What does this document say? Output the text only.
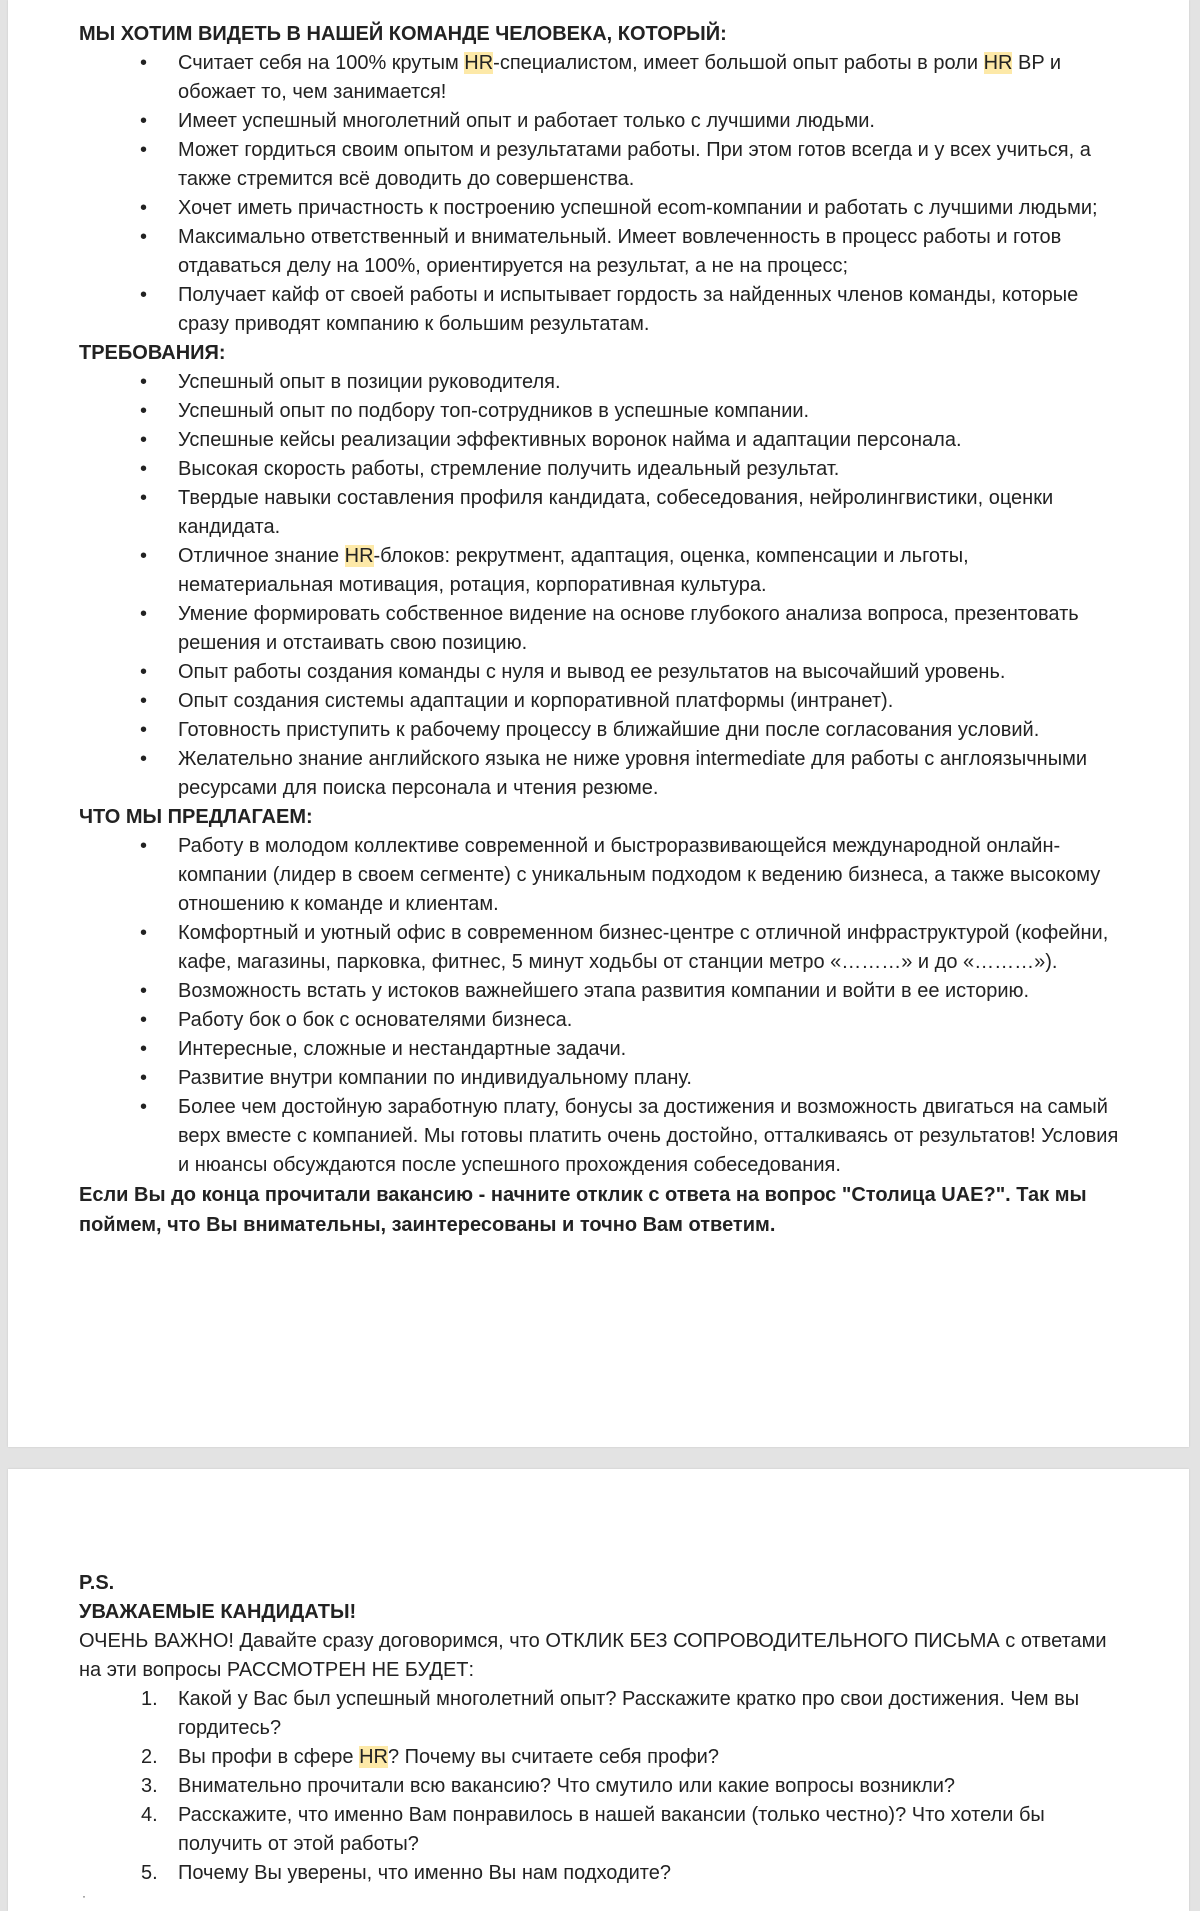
МЫ ХОТИМ ВИДЕТЬ В НАШЕЙ КОМАНДЕ ЧЕЛОВЕКА, КОТОРЫЙ:
• Считает себя на 100% крутым HR-специалистом, имеет большой опыт работы в роли HR BP и обожает то, чем занимается!
• Имеет успешный многолетний опыт и работает только с лучшими людьми.
• Может гордиться своим опытом и результатами работы. При этом готов всегда и у всех учиться, а также стремится всё доводить до совершенства.
• Хочет иметь причастность к построению успешной ecom-компании и работать с лучшими людьми;
• Максимально ответственный и внимательный. Имеет вовлеченность в процесс работы и готов отдаваться делу на 100%, ориентируется на результат, а не на процесс;
• Получает кайф от своей работы и испытывает гордость за найденных членов команды, которые сразу приводят компанию к большим результатам.
ТРЕБОВАНИЯ:
• Успешный опыт в позиции руководителя.
• Успешный опыт по подбору топ-сотрудников в успешные компании.
• Успешные кейсы реализации эффективных воронок найма и адаптации персонала.
• Высокая скорость работы, стремление получить идеальный результат.
• Твердые навыки составления профиля кандидата, собеседования, нейролингвистики, оценки кандидата.
• Отличное знание HR-блоков: рекрутмент, адаптация, оценка, компенсации и льготы, нематериальная мотивация, ротация, корпоративная культура.
• Умение формировать собственное видение на основе глубокого анализа вопроса, презентовать решения и отстаивать свою позицию.
• Опыт работы создания команды с нуля и вывод ее результатов на высочайший уровень.
• Опыт создания системы адаптации и корпоративной платформы (интранет).
• Готовность приступить к рабочему процессу в ближайшие дни после согласования условий.
• Желательно знание английского языка не ниже уровня intermediate для работы с англоязычными ресурсами для поиска персонала и чтения резюме.
ЧТО МЫ ПРЕДЛАГАЕМ:
• Работу в молодом коллективе современной и быстроразвивающейся международной онлайн-компании (лидер в своем сегменте) с уникальным подходом к ведению бизнеса, а также высокому отношению к команде и клиентам.
• Комфортный и уютный офис в современном бизнес-центре с отличной инфраструктурой (кофейни, кафе, магазины, парковка, фитнес, 5 минут ходьбы от станции метро «………» и до «………»).
• Возможность встать у истоков важнейшего этапа развития компании и войти в ее историю.
• Работу бок о бок с основателями бизнеса.
• Интересные, сложные и нестандартные задачи.
• Развитие внутри компании по индивидуальному плану.
• Более чем достойную заработную плату, бонусы за достижения и возможность двигаться на самый верх вместе с компанией. Мы готовы платить очень достойно, отталкиваясь от результатов! Условия и нюансы обсуждаются после успешного прохождения собеседования.
Если Вы до конца прочитали вакансию - начните отклик с ответа на вопрос "Столица UAE?". Так мы поймем, что Вы внимательны, заинтересованы и точно Вам ответим.
P.S.
УВАЖАЕМЫЕ КАНДИДАТЫ!
ОЧЕНЬ ВАЖНО! Давайте сразу договоримся, что ОТКЛИК БЕЗ СОПРОВОДИТЕЛЬНОГО ПИСЬМА с ответами на эти вопросы РАССМОТРЕН НЕ БУДЕТ:
1. Какой у Вас был успешный многолетний опыт? Расскажите кратко про свои достижения. Чем вы гордитесь?
2. Вы профи в сфере HR? Почему вы считаете себя профи?
3. Внимательно прочитали всю вакансию? Что смутило или какие вопросы возникли?
4. Расскажите, что именно Вам понравилось в нашей вакансии (только честно)? Что хотели бы получить от этой работы?
5. Почему Вы уверены, что именно Вы нам подходите?
·
